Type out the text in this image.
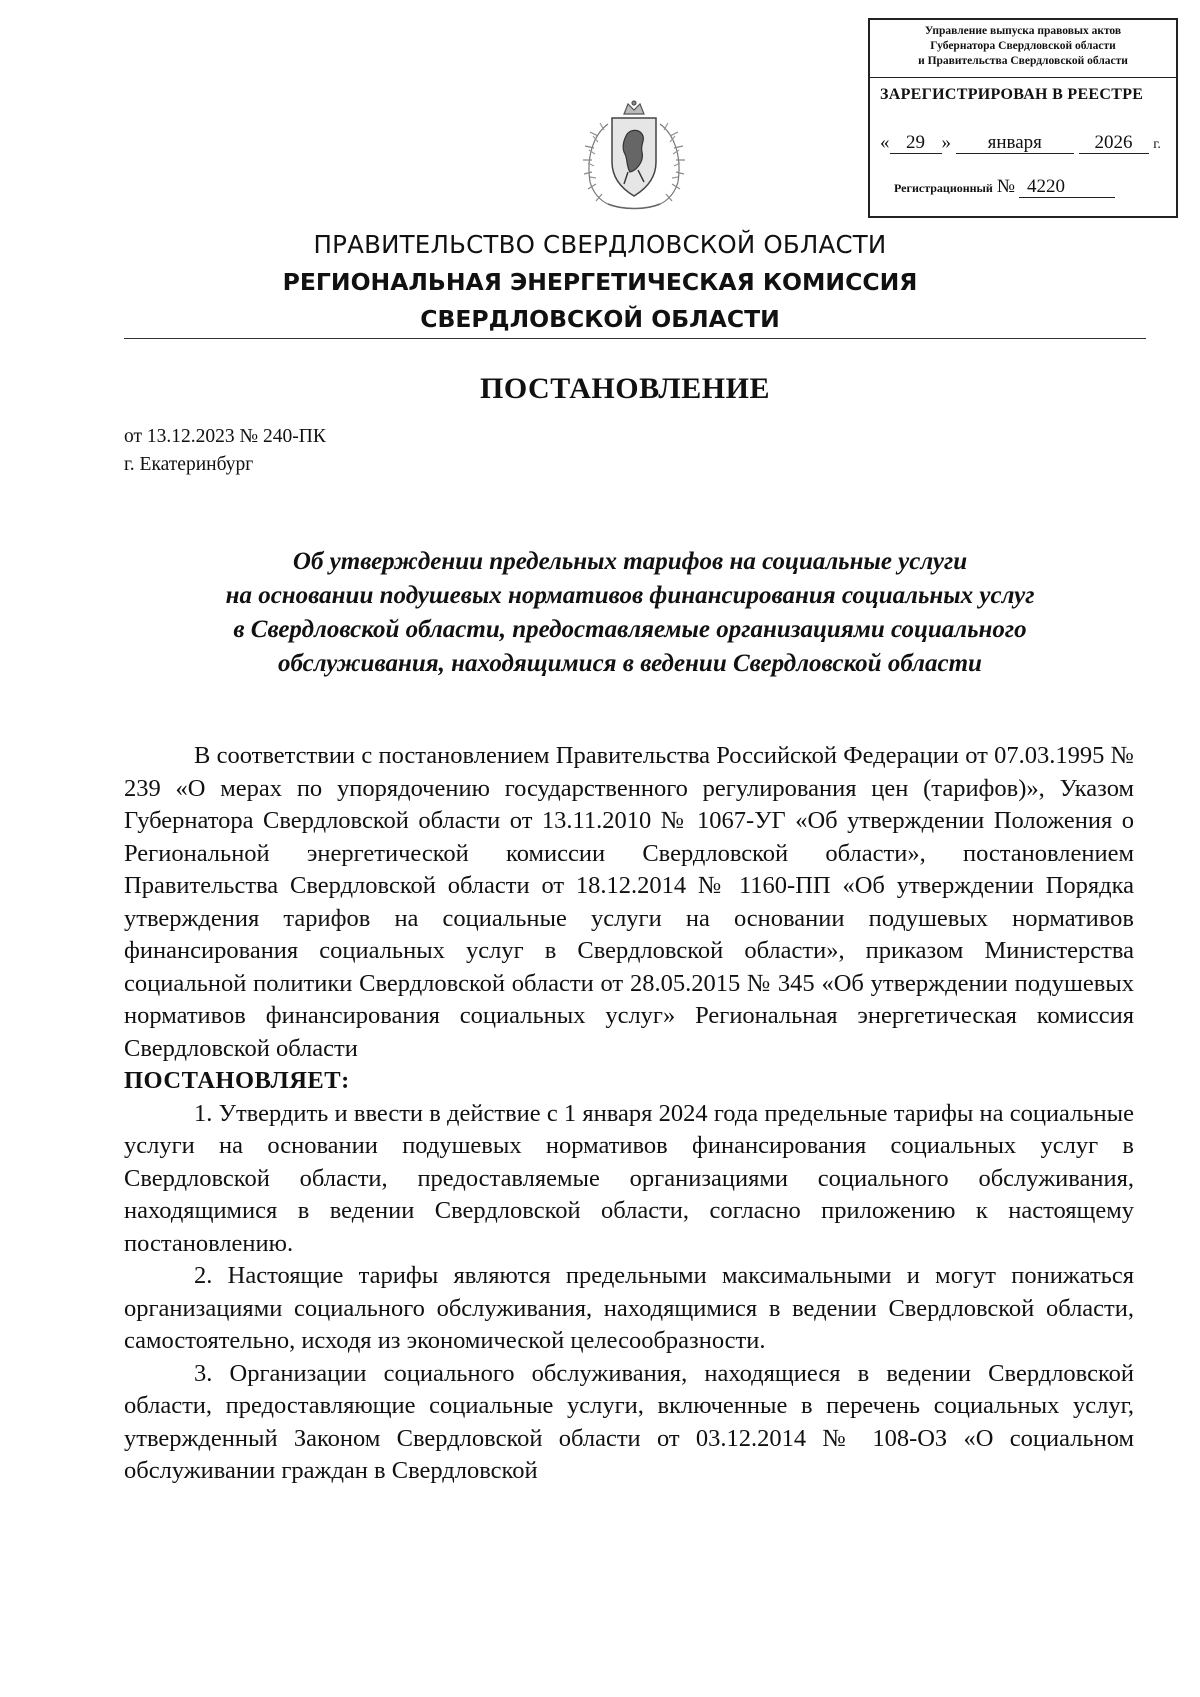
Управление выпуска правовых актов
Губернатора Свердловской области
и Правительства Свердловской области
ЗАРЕГИСТРИРОВАН В РЕЕСТРЕ
« 29 » января	2026 г.
Регистрационный № 4220
ПРАВИТЕЛЬСТВО СВЕРДЛОВСКОЙ ОБЛАСТИ
РЕГИОНАЛЬНАЯ ЭНЕРГЕТИЧЕСКАЯ КОМИССИЯ
СВЕРДЛОВСКОЙ ОБЛАСТИ
ПОСТАНОВЛЕНИЕ
от 13.12.2023 № 240-ПК
г. Екатеринбург
Об утверждении предельных тарифов на социальные услуги
на основании подушевых нормативов финансирования социальных услуг
в Свердловской области, предоставляемые организациями социального
обслуживания, находящимися в ведении Свердловской области

В соответствии с постановлением Правительства Российской Федерации от 07.03.1995 № 239 «О мерах по упорядочению государственного регулирования цен (тарифов)», Указом Губернатора Свердловской области от 13.11.2010 № 1067-УГ «Об утверждении Положения о Региональной энергетической комиссии Свердловской области», постановлением Правительства Свердловской области от 18.12.2014 № 1160-ПП «Об утверждении Порядка утверждения тарифов на социальные услуги на основании подушевых нормативов финансирования социальных услуг в Свердловской области», приказом Министерства социальной политики Свердловской области от 28.05.2015 № 345 «Об утверждении подушевых нормативов финансирования социальных услуг» Региональная энергетическая комиссия Свердловской области

ПОСТАНОВЛЯЕТ:

1. Утвердить и ввести в действие с 1 января 2024 года предельные тарифы на социальные услуги на основании подушевых нормативов финансирования социальных услуг в Свердловской области, предоставляемые организациями социального обслуживания, находящимися в ведении Свердловской области, согласно приложению к настоящему постановлению.

2. Настоящие тарифы являются предельными максимальными и могут понижаться организациями социального обслуживания, находящимися в ведении Свердловской области, самостоятельно, исходя из экономической целесообразности.

3. Организации социального обслуживания, находящиеся в ведении Свердловской области, предоставляющие социальные услуги, включенные в перечень социальных услуг, утвержденный Законом Свердловской области от 03.12.2014 № 108-ОЗ «О социальном обслуживании граждан в Свердловской
